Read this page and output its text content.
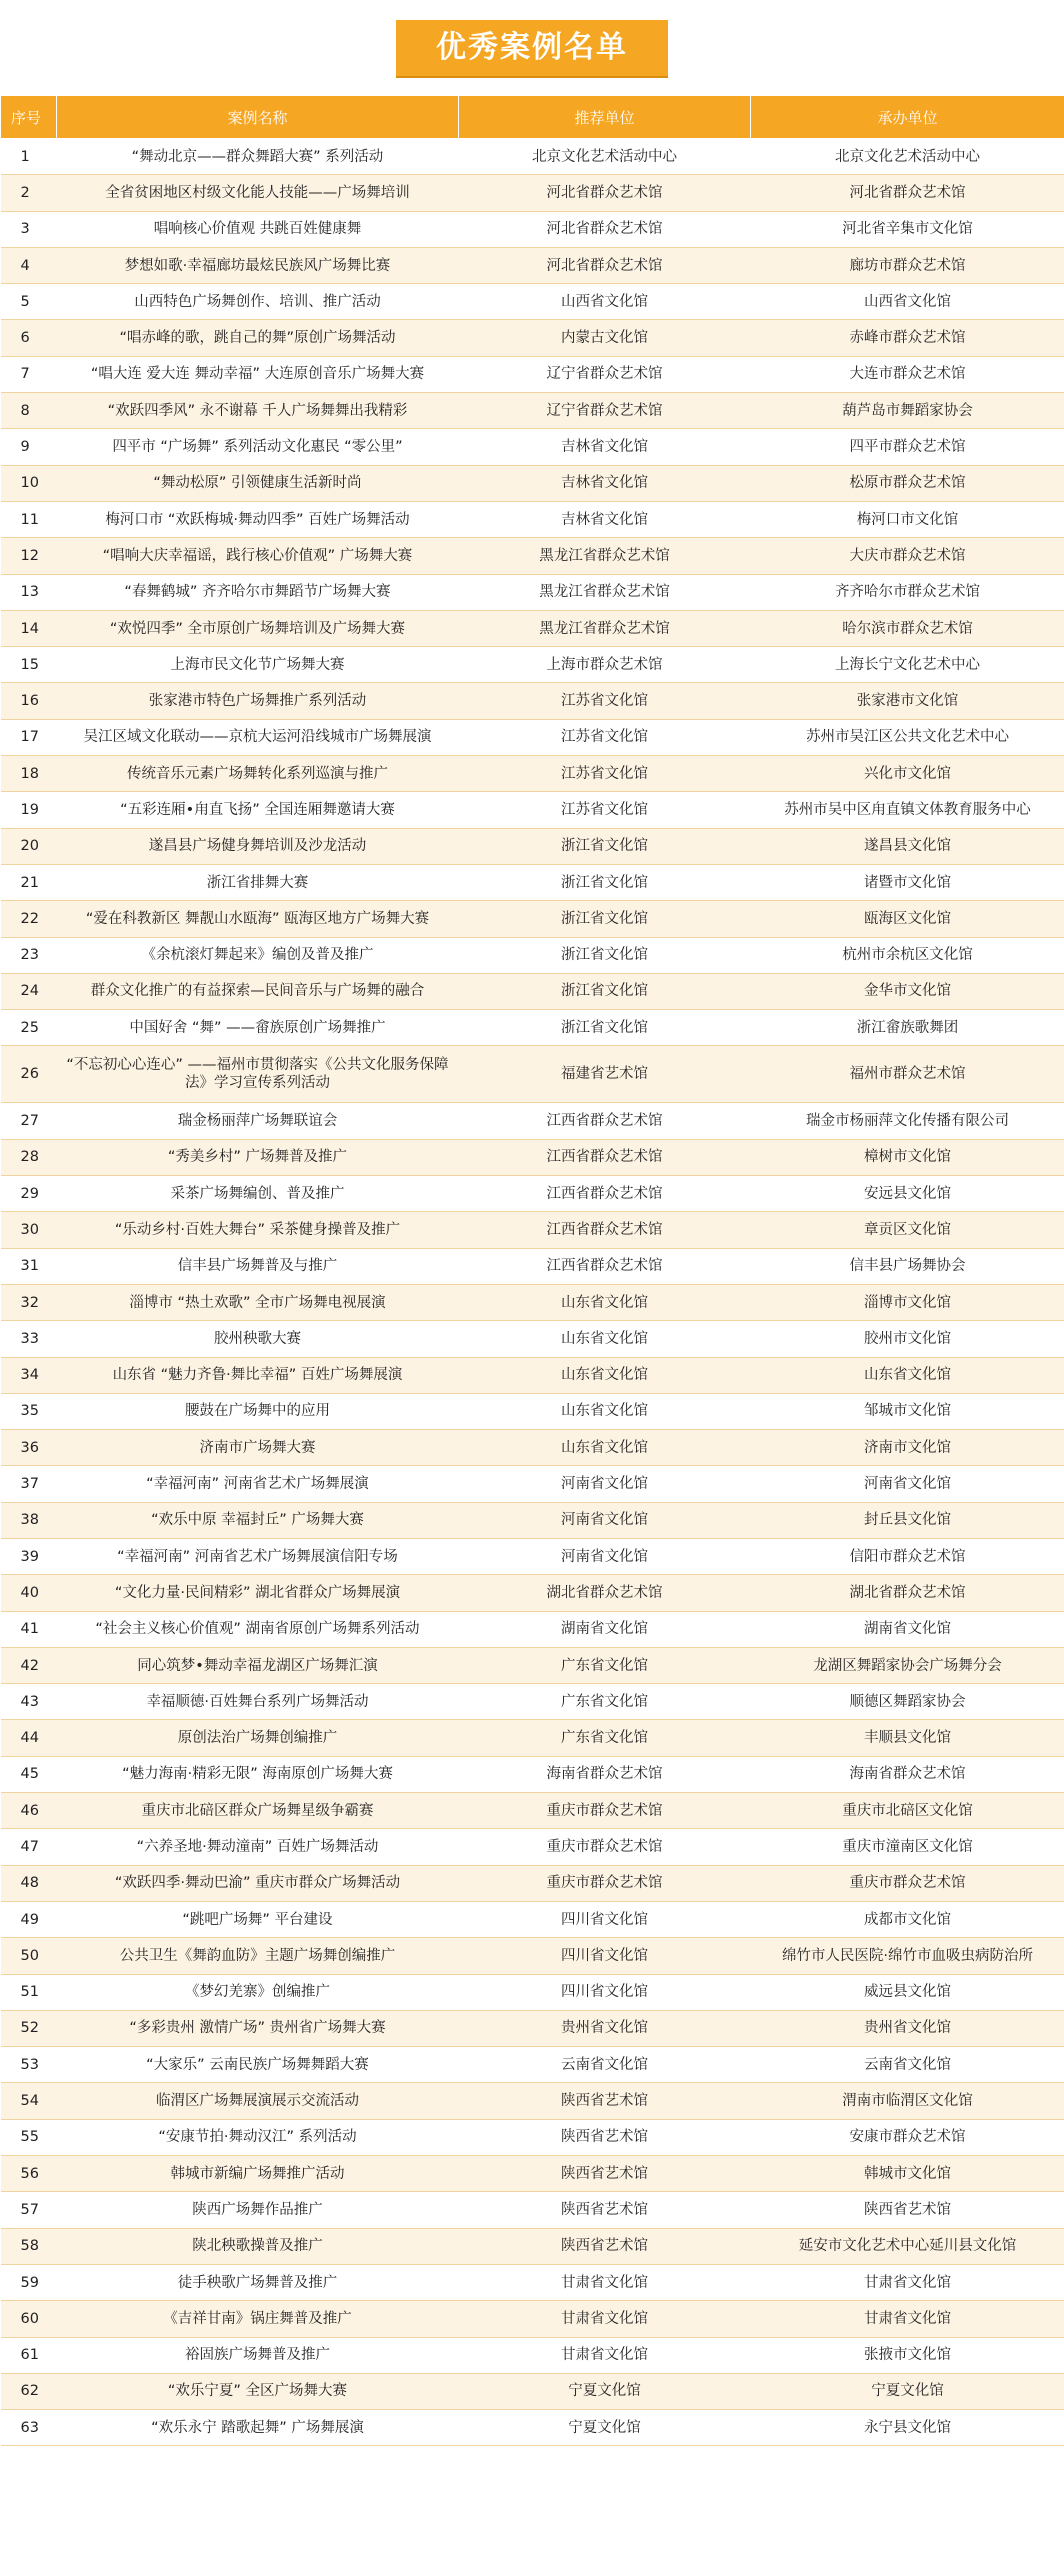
优秀案例名单
序号	案例名称	推荐单位	承办单位
1	“舞动北京——群众舞蹈大赛” 系列活动	北京文化艺术活动中心	北京文化艺术活动中心
2	全省贫困地区村级文化能人技能——广场舞培训	河北省群众艺术馆	河北省群众艺术馆
3	唱响核心价值观 共跳百姓健康舞	河北省群众艺术馆	河北省辛集市文化馆
4	梦想如歌·幸福廊坊最炫民族风广场舞比赛	河北省群众艺术馆	廊坊市群众艺术馆
5	山西特色广场舞创作、培训、推广活动	山西省文化馆	山西省文化馆
6	“唱赤峰的歌，跳自己的舞”原创广场舞活动	内蒙古文化馆	赤峰市群众艺术馆
7	“唱大连 爱大连 舞动幸福” 大连原创音乐广场舞大赛	辽宁省群众艺术馆	大连市群众艺术馆
8	“欢跃四季风” 永不谢幕 千人广场舞舞出我精彩	辽宁省群众艺术馆	葫芦岛市舞蹈家协会
9	四平市 “广场舞” 系列活动文化惠民 “零公里”	吉林省文化馆	四平市群众艺术馆
10	“舞动松原” 引领健康生活新时尚	吉林省文化馆	松原市群众艺术馆
11	梅河口市 “欢跃梅城·舞动四季” 百姓广场舞活动	吉林省文化馆	梅河口市文化馆
12	“唱响大庆幸福谣，践行核心价值观” 广场舞大赛	黑龙江省群众艺术馆	大庆市群众艺术馆
13	“春舞鹤城” 齐齐哈尔市舞蹈节广场舞大赛	黑龙江省群众艺术馆	齐齐哈尔市群众艺术馆
14	“欢悦四季” 全市原创广场舞培训及广场舞大赛	黑龙江省群众艺术馆	哈尔滨市群众艺术馆
15	上海市民文化节广场舞大赛	上海市群众艺术馆	上海长宁文化艺术中心
16	张家港市特色广场舞推广系列活动	江苏省文化馆	张家港市文化馆
17	吴江区域文化联动——京杭大运河沿线城市广场舞展演	江苏省文化馆	苏州市吴江区公共文化艺术中心
18	传统音乐元素广场舞转化系列巡演与推广	江苏省文化馆	兴化市文化馆
19	“五彩连厢•甪直飞扬” 全国连厢舞邀请大赛	江苏省文化馆	苏州市吴中区甪直镇文体教育服务中心
20	遂昌县广场健身舞培训及沙龙活动	浙江省文化馆	遂昌县文化馆
21	浙江省排舞大赛	浙江省文化馆	诸暨市文化馆
22	“爱在科教新区 舞靓山水瓯海” 瓯海区地方广场舞大赛	浙江省文化馆	瓯海区文化馆
23	《余杭滚灯舞起来》编创及普及推广	浙江省文化馆	杭州市余杭区文化馆
24	群众文化推广的有益探索—民间音乐与广场舞的融合	浙江省文化馆	金华市文化馆
25	中国好舍 “舞” ——畲族原创广场舞推广	浙江省文化馆	浙江畲族歌舞团
26	“不忘初心心连心” ——福州市贯彻落实《公共文化服务保障法》学习宣传系列活动	福建省艺术馆	福州市群众艺术馆
27	瑞金杨丽萍广场舞联谊会	江西省群众艺术馆	瑞金市杨丽萍文化传播有限公司
28	“秀美乡村” 广场舞普及推广	江西省群众艺术馆	樟树市文化馆
29	采茶广场舞编创、普及推广	江西省群众艺术馆	安远县文化馆
30	“乐动乡村·百姓大舞台” 采茶健身操普及推广	江西省群众艺术馆	章贡区文化馆
31	信丰县广场舞普及与推广	江西省群众艺术馆	信丰县广场舞协会
32	淄博市 “热土欢歌” 全市广场舞电视展演	山东省文化馆	淄博市文化馆
33	胶州秧歌大赛	山东省文化馆	胶州市文化馆
34	山东省 “魅力齐鲁·舞比幸福” 百姓广场舞展演	山东省文化馆	山东省文化馆
35	腰鼓在广场舞中的应用	山东省文化馆	邹城市文化馆
36	济南市广场舞大赛	山东省文化馆	济南市文化馆
37	“幸福河南” 河南省艺术广场舞展演	河南省文化馆	河南省文化馆
38	“欢乐中原 幸福封丘” 广场舞大赛	河南省文化馆	封丘县文化馆
39	“幸福河南” 河南省艺术广场舞展演信阳专场	河南省文化馆	信阳市群众艺术馆
40	“文化力量·民间精彩” 湖北省群众广场舞展演	湖北省群众艺术馆	湖北省群众艺术馆
41	“社会主义核心价值观” 湖南省原创广场舞系列活动	湖南省文化馆	湖南省文化馆
42	同心筑梦•舞动幸福龙湖区广场舞汇演	广东省文化馆	龙湖区舞蹈家协会广场舞分会
43	幸福顺德·百姓舞台系列广场舞活动	广东省文化馆	顺德区舞蹈家协会
44	原创法治广场舞创编推广	广东省文化馆	丰顺县文化馆
45	“魅力海南·精彩无限” 海南原创广场舞大赛	海南省群众艺术馆	海南省群众艺术馆
46	重庆市北碚区群众广场舞星级争霸赛	重庆市群众艺术馆	重庆市北碚区文化馆
47	“六养圣地·舞动潼南” 百姓广场舞活动	重庆市群众艺术馆	重庆市潼南区文化馆
48	“欢跃四季·舞动巴渝” 重庆市群众广场舞活动	重庆市群众艺术馆	重庆市群众艺术馆
49	“跳吧广场舞” 平台建设	四川省文化馆	成都市文化馆
50	公共卫生《舞韵血防》主题广场舞创编推广	四川省文化馆	绵竹市人民医院·绵竹市血吸虫病防治所
51	《梦幻羌寨》创编推广	四川省文化馆	威远县文化馆
52	“多彩贵州 激情广场” 贵州省广场舞大赛	贵州省文化馆	贵州省文化馆
53	“大家乐” 云南民族广场舞舞蹈大赛	云南省文化馆	云南省文化馆
54	临渭区广场舞展演展示交流活动	陕西省艺术馆	渭南市临渭区文化馆
55	“安康节拍·舞动汉江” 系列活动	陕西省艺术馆	安康市群众艺术馆
56	韩城市新编广场舞推广活动	陕西省艺术馆	韩城市文化馆
57	陕西广场舞作品推广	陕西省艺术馆	陕西省艺术馆
58	陕北秧歌操普及推广	陕西省艺术馆	延安市文化艺术中心延川县文化馆
59	徒手秧歌广场舞普及推广	甘肃省文化馆	甘肃省文化馆
60	《吉祥甘南》锅庄舞普及推广	甘肃省文化馆	甘肃省文化馆
61	裕固族广场舞普及推广	甘肃省文化馆	张掖市文化馆
62	“欢乐宁夏” 全区广场舞大赛	宁夏文化馆	宁夏文化馆
63	“欢乐永宁 踏歌起舞” 广场舞展演	宁夏文化馆	永宁县文化馆
